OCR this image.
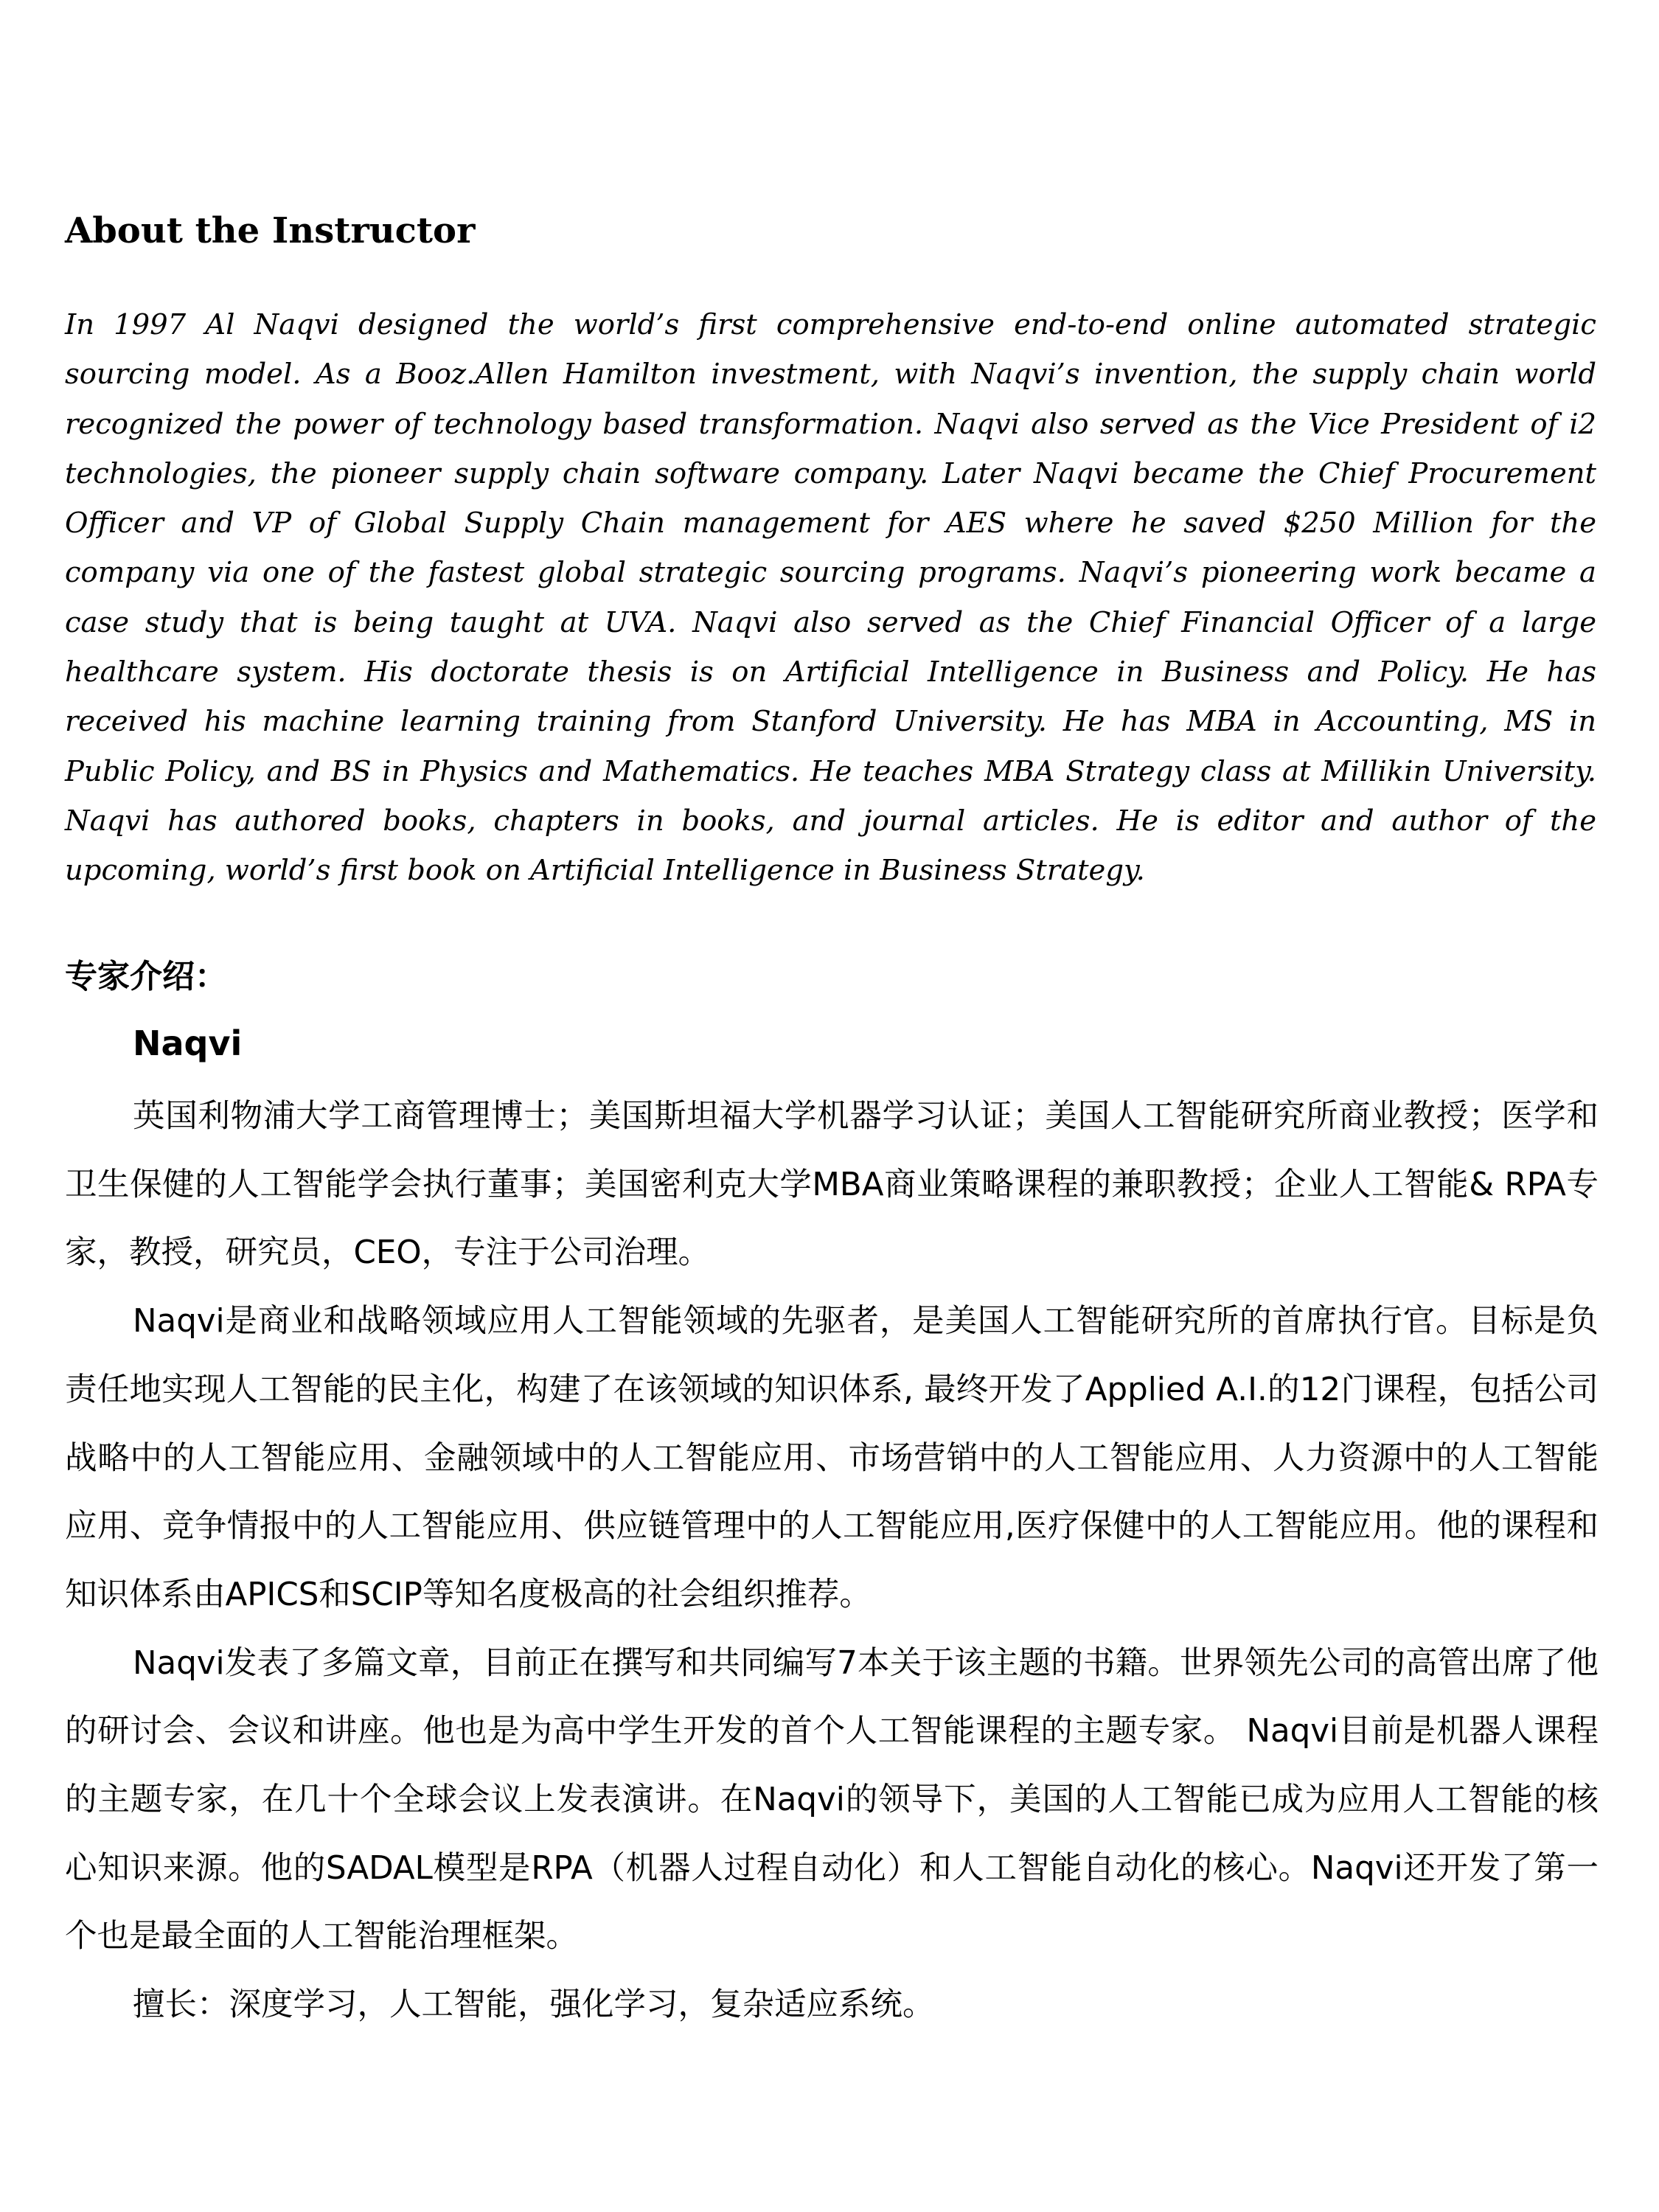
About the Instructor

In 1997 Al Naqvi designed the world’s first comprehensive end-to-end online automated strategic sourcing model. As a Booz.Allen Hamilton investment, with Naqvi’s invention, the supply chain world recognized the power of technology based transformation. Naqvi also served as the Vice President of i2 technologies, the pioneer supply chain software company. Later Naqvi became the Chief Procurement Officer and VP of Global Supply Chain management for AES where he saved $250 Million for the company via one of the fastest global strategic sourcing programs. Naqvi’s pioneering work became a case study that is being taught at UVA. Naqvi also served as the Chief Financial Officer of a large healthcare system. His doctorate thesis is on Artificial Intelligence in Business and Policy. He has received his machine learning training from Stanford University. He has MBA in Accounting, MS in Public Policy, and BS in Physics and Mathematics. He teaches MBA Strategy class at Millikin University. Naqvi has authored books, chapters in books, and journal articles. He is editor and author of the upcoming, world’s first book on Artificial Intelligence in Business Strategy.

专家介绍：
Naqvi

英国利物浦大学工商管理博士；美国斯坦福大学机器学习认证；美国人工智能研究所商业教授；医学和卫生保健的人工智能学会执行董事；美国密利克大学MBA商业策略课程的兼职教授；企业人工智能& RPA专家，教授，研究员，CEO，专注于公司治理。

Naqvi是商业和战略领域应用人工智能领域的先驱者，是美国人工智能研究所的首席执行官。目标是负责任地实现人工智能的民主化，构建了在该领域的知识体系, 最终开发了Applied A.I.的12门课程，包括公司战略中的人工智能应用、金融领域中的人工智能应用、市场营销中的人工智能应用、人力资源中的人工智能应用、竞争情报中的人工智能应用、供应链管理中的人工智能应用,医疗保健中的人工智能应用。他的课程和知识体系由APICS和SCIP等知名度极高的社会组织推荐。

Naqvi发表了多篇文章，目前正在撰写和共同编写7本关于该主题的书籍。世界领先公司的高管出席了他的研讨会、会议和讲座。他也是为高中学生开发的首个人工智能课程的主题专家。 Naqvi目前是机器人课程的主题专家，在几十个全球会议上发表演讲。在Naqvi的领导下，美国的人工智能已成为应用人工智能的核心知识来源。他的SADAL模型是RPA（机器人过程自动化）和人工智能自动化的核心。Naqvi还开发了第一个也是最全面的人工智能治理框架。

擅长：深度学习，人工智能，强化学习，复杂适应系统。
